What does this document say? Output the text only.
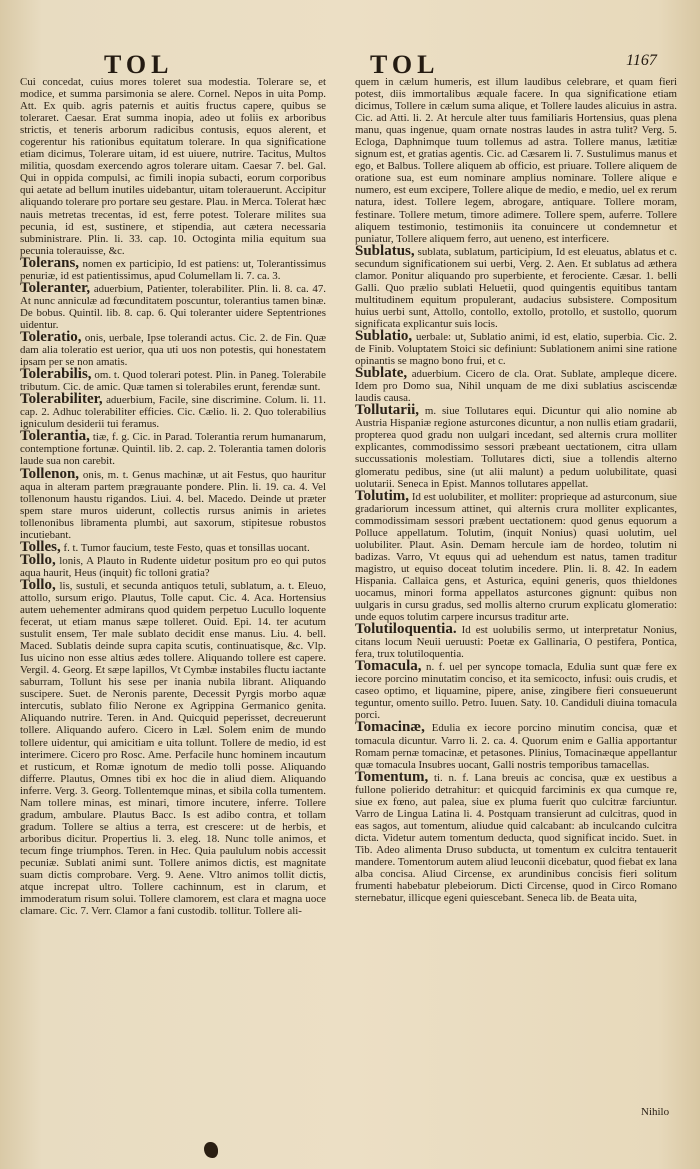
TOL	TOL	1167

Cui concedat, cuius mores toleret sua modestia. Tolerare se, et modice, et summa parsimonia se alere. Cornel. Nepos in uita Pomp. Att. Ex quib. agris paternis et auitis fructus capere, quibus se toleraret. Caesar. Erat summa inopia, adeo ut foliis ex arboribus strictis, et teneris arborum radicibus contusis, equos alerent, et cogerentur his rationibus equitatum tolerare. In qua significatione etiam dicimus, Tolerare uitam, id est uiuere, nutrire. Tacitus, Multos militia, quosdam exercendo agros tolerare uitam. Caesar 7. bel. Gal. Qui in oppida compulsi, ac fimili inopia subacti, eorum corporibus qui aetate ad bellum inutiles uidebantur, uitam tolerauerunt. Accipitur aliquando tolerare pro portare seu gestare. Plau. in Merca. Tolerat hæc nauis metretas trecentas, id est, ferre potest. Tolerare milites sua pecunia, id est, sustinere, et stipendia, aut cætera necessaria subministrare. Plin. li. 33. cap. 10. Octoginta milia equitum sua pecunia tolerauisse, &c.

Tolerans, nomen ex participio, Id est patiens: ut, Tolerantissimus penuriæ, id est patientissimus, apud Columellam li. 7. ca. 3.

Toleranter, aduerbium, Patienter, tolerabiliter. Plin. li. 8. ca. 47. At nunc anniculæ ad fœcunditatem poscuntur, tolerantius tamen binæ. De bobus. Quintil. lib. 8. cap. 6. Qui toleranter uidere Septentriones uidentur.

Toleratio, onis, uerbale, Ipse tolerandi actus. Cic. 2. de Fin. Quæ dam alia toleratio est uerior, qua uti uos non potestis, qui honestatem ipsam per se non amatis.

Tolerabilis, om. t. Quod tolerari potest. Plin. in Paneg. Tolerabile tributum. Cic. de amic. Quæ tamen si tolerabiles erunt, ferendæ sunt.

Tolerabiliter, aduerbium, Facile, sine discrimine. Colum. li. 11. cap. 2. Adhuc tolerabiliter efficies. Cic. Cælio. li. 2. Quo tolerabilius igniculum desiderii tui feramus.

Tolerantia, tiæ, f. g. Cic. in Parad. Tolerantia rerum humanarum, contemptione fortunæ. Quintil. lib. 2. cap. 2. Tolerantia tamen doloris laude sua non carebit.

Tollenon, onis, m. t. Genus machinæ, ut ait Festus, quo hauritur aqua in alteram partem prægrauante pondere. Plin. li. 19. ca. 4. Vel tollenonum haustu rigandos. Liui. 4. bel. Macedo. Deinde ut præter spem stare muros uiderunt, collectis rursus animis in arietes tollenonibus libramenta plumbi, aut saxorum, stipitesue robustos incutiebant.

Tolles, f. t. Tumor faucium, teste Festo, quas et tonsillas uocant.

Tollo, lonis, A Plauto in Rudente uidetur positum pro eo qui putos aqua haurit, Heus (inquit) fic tolloni gratia?

Tollo, lis, sustuli, et secunda antiquos tetuli, sublatum, a. t. Eleuo, attollo, sursum erigo. Plautus, Tolle caput. Cic. 4. Aca. Hortensius autem uehementer admirans quod quidem perpetuo Lucullo loquente fecerat, ut etiam manus sæpe tolleret. Ouid. Epi. 14. ter acutum sustulit ensem, Ter male sublato decidit ense manus. Liu. 4. bell. Maced. Sublatis deinde supra capita scutis, continuatisque, &c. Vlp. Ius uicino non esse altius ædes tollere. Aliquando tollere est capere. Vergil. 4. Georg. Et sæpe lapillos, Vt Cymbæ instabiles fluctu iactante saburram, Tollunt his sese per inania nubila librant. Aliquando suscipere. Suet. de Neronis parente, Decessit Pyrgis morbo aquæ intercutis, sublato filio Nerone ex Agrippina Germanico genita. Aliquando nutrire. Teren. in And. Quicquid peperisset, decreuerunt tollere. Aliquando aufero. Cicero in Læl. Solem enim de mundo tollere uidentur, qui amicitiam e uita tollunt. Tollere de medio, id est interimere. Cicero pro Rosc. Ame. Perfacile hunc hominem incautum et rusticum, et Romæ ignotum de medio tolli posse. Aliquando differre. Plautus, Omnes tibi ex hoc die in aliud diem. Aliquando inferre. Verg. 3. Georg. Tollentemque minas, et sibila colla tumentem. Nam tollere minas, est minari, timore incutere, inferre. Tollere gradum, ambulare. Plautus Bacc. Is est adibo contra, et tollam gradum. Tollere se altius a terra, est crescere: ut de herbis, et arboribus dicitur. Propertius li. 3. eleg. 18. Nunc tolle animos, et tecum finge triumphos. Teren. in Hec. Quia paululum nobis accessit pecuniæ. Sublati animi sunt. Tollere animos dictis, est magnitate suam dictis comprobare. Verg. 9. Aene. Vltro animos tollit dictis, atque increpat ultro. Tollere cachinnum, est in clarum, et immoderatum risum solui. Tollere clamorem, est clara et magna uoce clamare. Cic. 7. Verr. Clamor a fani custodib. tollitur. Tollere ali-

quem in cælum humeris, est illum laudibus celebrare, et quam fieri potest, diis immortalibus æquale facere. In qua significatione etiam dicimus, Tollere in cælum suma alique, et Tollere laudes alicuius in astra. Cic. ad Atti. li. 2. At hercule alter tuus familiaris Hortensius, quas plena manu, quas ingenue, quam ornate nostras laudes in astra tulit? Verg. 5. Ecloga, Daphnimque tuum tollemus ad astra. Tollere manus, lætitiæ signum est, et gratias agentis. Cic. ad Cæsarem li. 7. Sustulimus manus et ego, et Balbus. Tollere aliquem ab officio, est priuare. Tollere aliquem de oratione sua, est eum nominare amplius nominare. Tollere alique e numero, est eum excipere, Tollere alique de medio, e medio, uel ex rerum natura, idest. Tollere legem, abrogare, antiquare. Tollere moram, festinare. Tollere metum, timore adimere. Tollere spem, auferre. Tollere aliquem testimonio, testimoniis ita conuincere ut condemnetur et puniatur, Tollere aliquem ferro, aut ueneno, est interficere.

Sublatus, sublata, sublatum, participium, Id est eleuatus, ablatus et c. secundum significationem sui uerbi, Verg. 2. Aen. Et sublatus ad æthera clamor. Ponitur aliquando pro superbiente, et ferociente. Cæsar. 1. belli Galli. Quo prælio sublati Heluetii, quod quingentis equitibus tantam multitudinem equitum propulerant, audacius subsistere. Compositum huius uerbi sunt, Attollo, contollo, extollo, protollo, et sustollo, quorum significata explicantur suis locis.

Sublatio, uerbale: ut, Sublatio animi, id est, elatio, superbia. Cic. 2. de Finib. Voluptatem Stoici sic definiunt: Sublationem animi sine ratione opinantis se magno bono frui, et c.

Sublate, aduerbium. Cicero de cla. Orat. Sublate, ampleque dicere. Idem pro Domo sua, Nihil unquam de me dixi sublatius asciscendæ laudis causa.

Tollutarii, m. siue Tollutares equi. Dicuntur qui alio nomine ab Austria Hispaniæ regione asturcones dicuntur, a non nullis etiam gradarii, propterea quod gradu non uulgari incedant, sed alternis crura molliter explicantes, commodissimo sessori præbeant uectationem, citra ullam succussationis molestiam. Tollutares dicti, siue a tollendis alterno glomeratu pedibus, sine (ut alii malunt) a pedum uolubilitate, quasi uolutarii. Seneca in Epist. Mannos tollutares appellat.

Tolutim, Id est uolubiliter, et molliter: proprieque ad asturconum, siue gradariorum incessum attinet, qui alternis crura molliter explicantes, commodissimam sessori præbent uectationem: quod genus equorum a Polluce appellatum. Tolutim, (inquit Nonius) quasi uolutim, uel uolubiliter. Plaut. Asin. Demam hercule iam de hordeo, tolutim ni badizas. Varro, Vt equus qui ad uehendum est natus, tamen traditur magistro, ut equiso doceat tolutim incedere. Plin. li. 8. 42. In eadem Hispania. Callaica gens, et Asturica, equini generis, quos thieldones uocamus, minori forma appellatos asturcones gignunt: quibus non uulgaris in cursu gradus, sed mollis alterno crurum explicatu glomeratio: unde equos tolutim carpere incursus traditur arte.

Tolutiloquentia. Id est uolubilis sermo, ut interpretatur Nonius, citans locum Neuii ueruusti: Poetæ ex Gallinaria, O pestifera, Pontica, fera, trux tolutiloquentia.

Tomacula, n. f. uel per syncope tomacla, Edulia sunt quæ fere ex iecore porcino minutatim conciso, et ita semicocto, infusi: ouis crudis, et caseo optimo, et liquamine, pipere, anise, zingibere fieri consueuerunt teguntur, omento suillo. Petro. Iuuen. Saty. 10. Candiduli diuina tomacula porci.

Tomacinæ, Edulia ex iecore porcino minutim concisa, quæ et tomacula dicuntur. Varro li. 2. ca. 4. Quorum enim e Gallia apportantur Romam pernæ tomacinæ, et petasones. Plinius, Tomacinæque appellantur quæ tomacula Insubres uocant, Galli nostris temporibus tamacellas.

Tomentum, ti. n. f. Lana breuis ac concisa, quæ ex uestibus a fullone polierido detrahitur: et quicquid farciminis ex qua cumque re, siue ex fœno, aut palea, siue ex pluma fuerit quo culcitræ farciuntur. Varro de Lingua Latina li. 4. Postquam transierunt ad culcitras, quod in eas sagos, aut tomentum, aliudue quid calcabant: ab inculcando culcitra dicta. Videtur autem tomentum deducta, quod significat incido. Suet. in Tib. Adeo alimenta Druso subducta, ut tomentum ex culcitra tentauerit mandere. Tomentorum autem aliud leuconii dicebatur, quod fiebat ex lana alba concisa. Aliud Circense, ex arundinibus concisis fieri solitum frumenti habebatur plebeiorum. Dicti Circense, quod in Circo Romano sternebatur, illicque egeni quiescebant. Seneca lib. de Beata uita,

Nihilo
